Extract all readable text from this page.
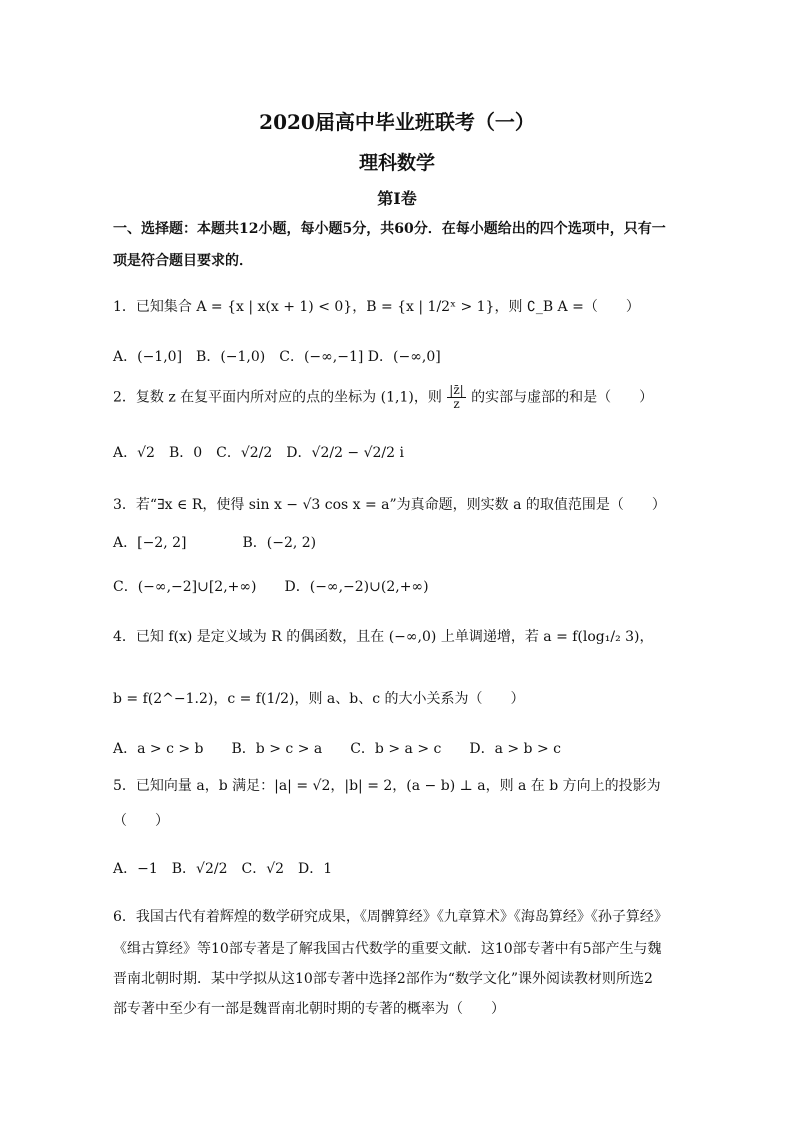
2020届高中毕业班联考（一）
理科数学
第Ⅰ卷
一、选择题：本题共12小题，每小题5分，共60分．在每小题给出的四个选项中，只有一
项是符合题目要求的．
1．已知集合 A = {x | x(x + 1) < 0}，B = {x | 1/2ˣ > 1}，则 ∁_B A =（　　）
A．(−1,0]　B．(−1,0)　C．(−∞,−1] D．(−∞,0]
2．复数 z 在复平面内所对应的点的坐标为 (1,1)，则 $\frac{|z̄|}{z}$ 的实部与虚部的和是（　　）
A．√2　B．0　C．√2/2　D．√2/2 − √2/2 i
3．若“∃x ∈ R，使得 sin x − √3 cos x = a”为真命题，则实数 a 的取值范围是（　　）
A．[−2, 2]　　　　B．(−2, 2)
C．(−∞,−2]∪[2,+∞)　　D．(−∞,−2)∪(2,+∞)
4．已知 f(x) 是定义域为 R 的偶函数，且在 (−∞,0) 上单调递增，若 a = f(log₁/₂ 3)，
b = f(2^−1.2)，c = f(1/2)，则 a、b、c 的大小关系为（　　）
A．a > c > b　　B．b > c > a　　C．b > a > c　　D．a > b > c
5．已知向量 a，b 满足：|a| = √2，|b| = 2，(a − b) ⊥ a，则 a 在 b 方向上的投影为
（　　）
A．−1　B．√2/2　C．√2　D．1
6．我国古代有着辉煌的数学研究成果，《周髀算经》《九章算术》《海岛算经》《孙子算经》
《缉古算经》等10部专著是了解我国古代数学的重要文献．这10部专著中有5部产生与魏
晋南北朝时期．某中学拟从这10部专著中选择2部作为“数学文化”课外阅读教材则所选2
部专著中至少有一部是魏晋南北朝时期的专著的概率为（　　）
